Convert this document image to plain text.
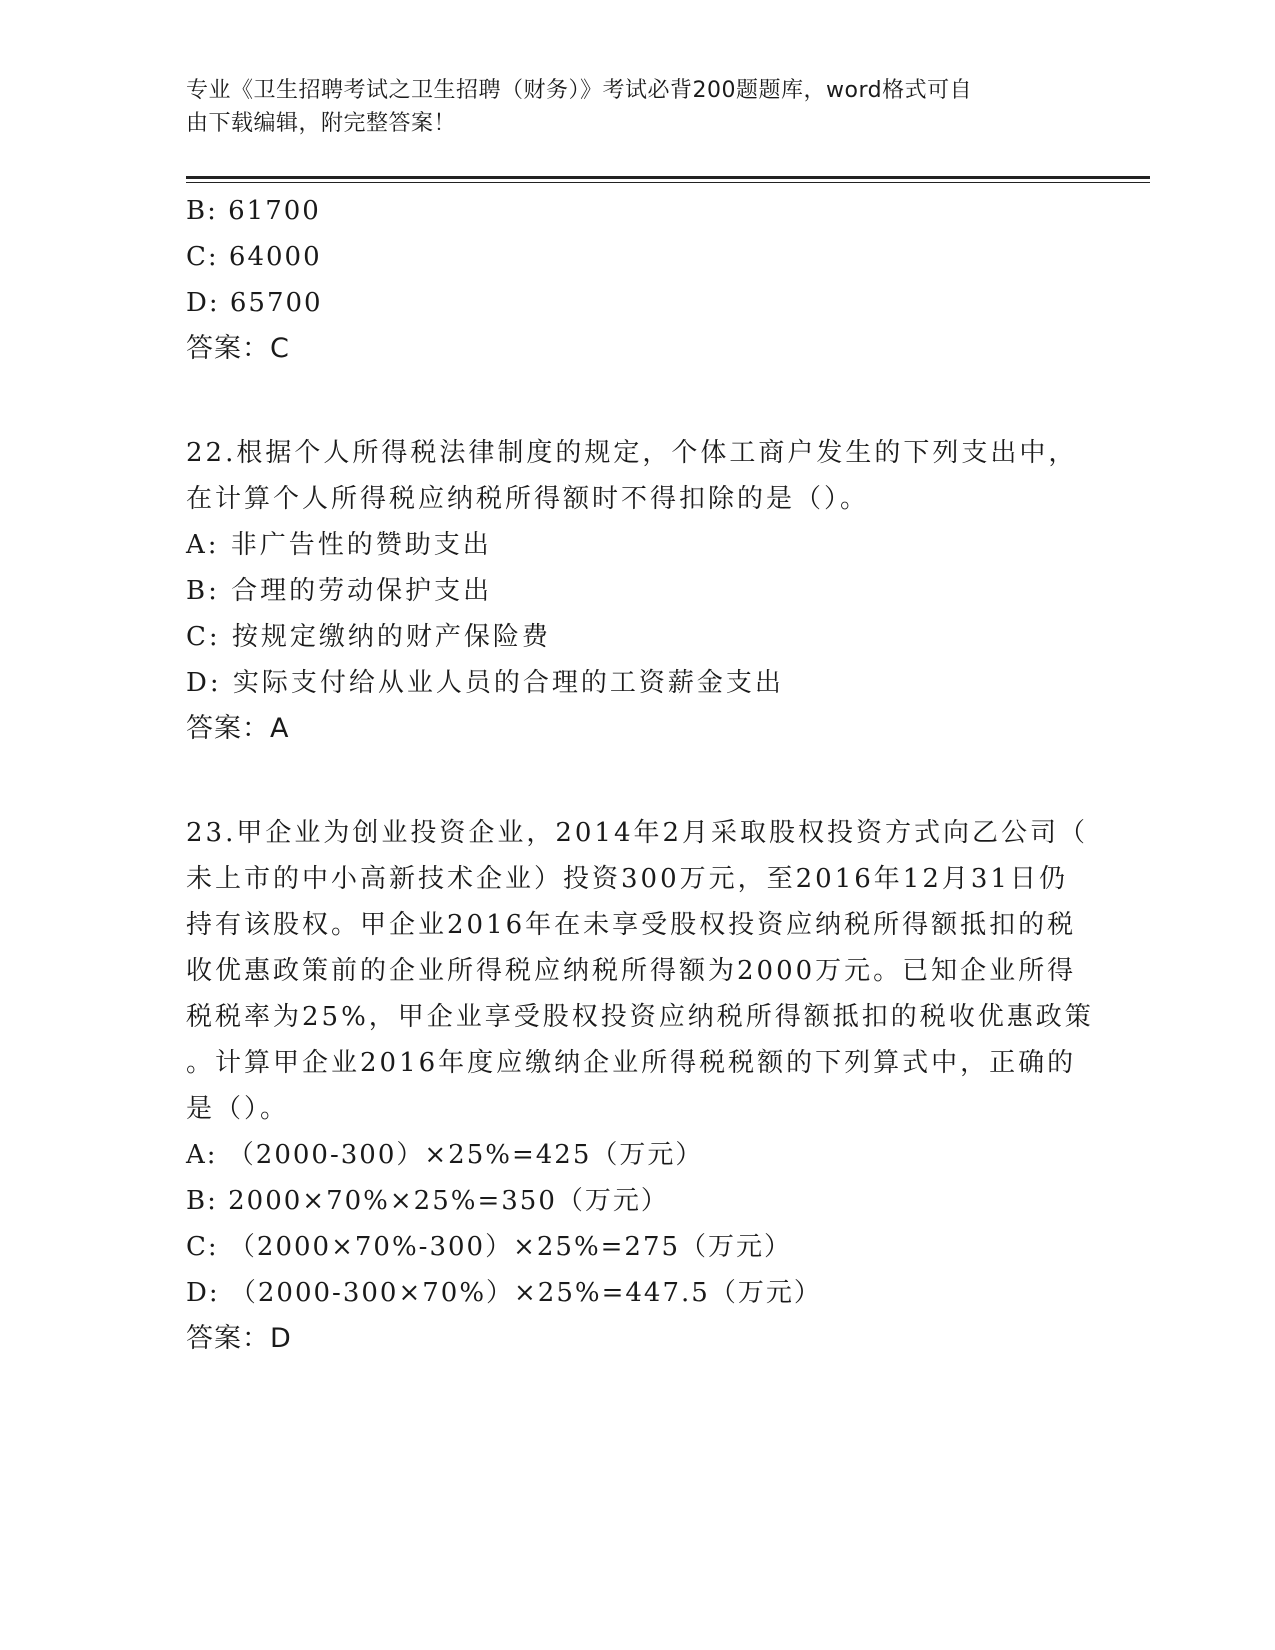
专业《卫生招聘考试之卫生招聘（财务）》考试必背200题题库，word格式可自
由下载编辑，附完整答案！
B: 61700
C: 64000
D: 65700
答案：C
22.根据个人所得税法律制度的规定，个体工商户发生的下列支出中，
在计算个人所得税应纳税所得额时不得扣除的是（）。
A: 非广告性的赞助支出
B: 合理的劳动保护支出
C: 按规定缴纳的财产保险费
D: 实际支付给从业人员的合理的工资薪金支出
答案：A
23.甲企业为创业投资企业，2014年2月采取股权投资方式向乙公司（
未上市的中小高新技术企业）投资300万元，至2016年12月31日仍
持有该股权。甲企业2016年在未享受股权投资应纳税所得额抵扣的税
收优惠政策前的企业所得税应纳税所得额为2000万元。已知企业所得
税税率为25%，甲企业享受股权投资应纳税所得额抵扣的税收优惠政策
。计算甲企业2016年度应缴纳企业所得税税额的下列算式中，正确的
是（）。
A: （2000-300）×25%=425（万元）
B: 2000×70%×25%=350（万元）
C: （2000×70%-300）×25%=275（万元）
D: （2000-300×70%）×25%=447.5（万元）
答案：D
